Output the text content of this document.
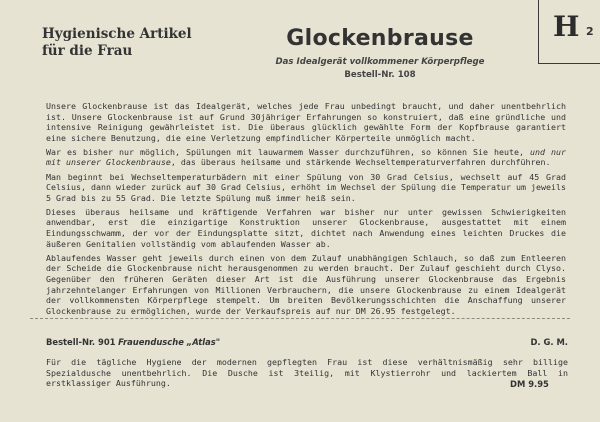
Hygienische Artikel
für die Frau	Glockenbrause
Das Idealgerät vollkommener Körperpflege
Bestell-Nr. 108
H 2

Unsere Glockenbrause ist das Idealgerät, welches jede Frau unbedingt braucht, und daher unentbehrlich ist. Unsere Glockenbrause ist auf Grund 30jähriger Erfahrungen so konstruiert, daß eine gründliche und intensive Reinigung gewährleistet ist. Die überaus glücklich gewählte Form der Kopfbrause garantiert eine sichere Benutzung, die eine Verletzung empfindlicher Körperteile unmöglich macht.

War es bisher nur möglich, Spülungen mit lauwarmem Wasser durchzuführen, so können Sie heute, und nur mit unserer Glockenbrause, das überaus heilsame und stärkende Wechseltemperaturverfahren durchführen.

Man beginnt bei Wechseltemperaturbädern mit einer Spülung von 30 Grad Celsius, wechselt auf 45 Grad Celsius, dann wieder zurück auf 30 Grad Celsius, erhöht im Wechsel der Spülung die Temperatur um jeweils 5 Grad bis zu 55 Grad. Die letzte Spülung muß immer heiß sein.

Dieses überaus heilsame und kräftigende Verfahren war bisher nur unter gewissen Schwierigkeiten anwendbar, erst die einzigartige Konstruktion unserer Glockenbrause, ausgestattet mit einem Eindungsschwamm, der vor der Eindungsplatte sitzt, dichtet nach Anwendung eines leichten Druckes die äußeren Genitalien vollständig vom ablaufenden Wasser ab.

Ablaufendes Wasser geht jeweils durch einen von dem Zulauf unabhängigen Schlauch, so daß zum Entleeren der Scheide die Glockenbrause nicht herausgenommen zu werden braucht. Der Zulauf geschieht durch Clyso. Gegenüber den früheren Geräten dieser Art ist die Ausführung unserer Glockenbrause das Ergebnis jahrzehntelanger Erfahrungen von Millionen Verbrauchern, die unsere Glockenbrause zu einem Idealgerät der vollkommensten Körperpflege stempelt. Um breiten Bevölkerungsschichten die Anschaffung unserer Glockenbrause zu ermöglichen, wurde der Verkaufspreis auf nur DM 26.95 festgelegt.

Bestell-Nr. 901 Frauendusche „Atlas"	D. G. M.
Für die tägliche Hygiene der modernen gepflegten Frau ist diese verhältnismäßig sehr billige Spezialdusche unentbehrlich. Die Dusche ist 3teilig, mit Klystierrohr und lackiertem Ball in erstklassiger Ausführung.	DM 9.95
